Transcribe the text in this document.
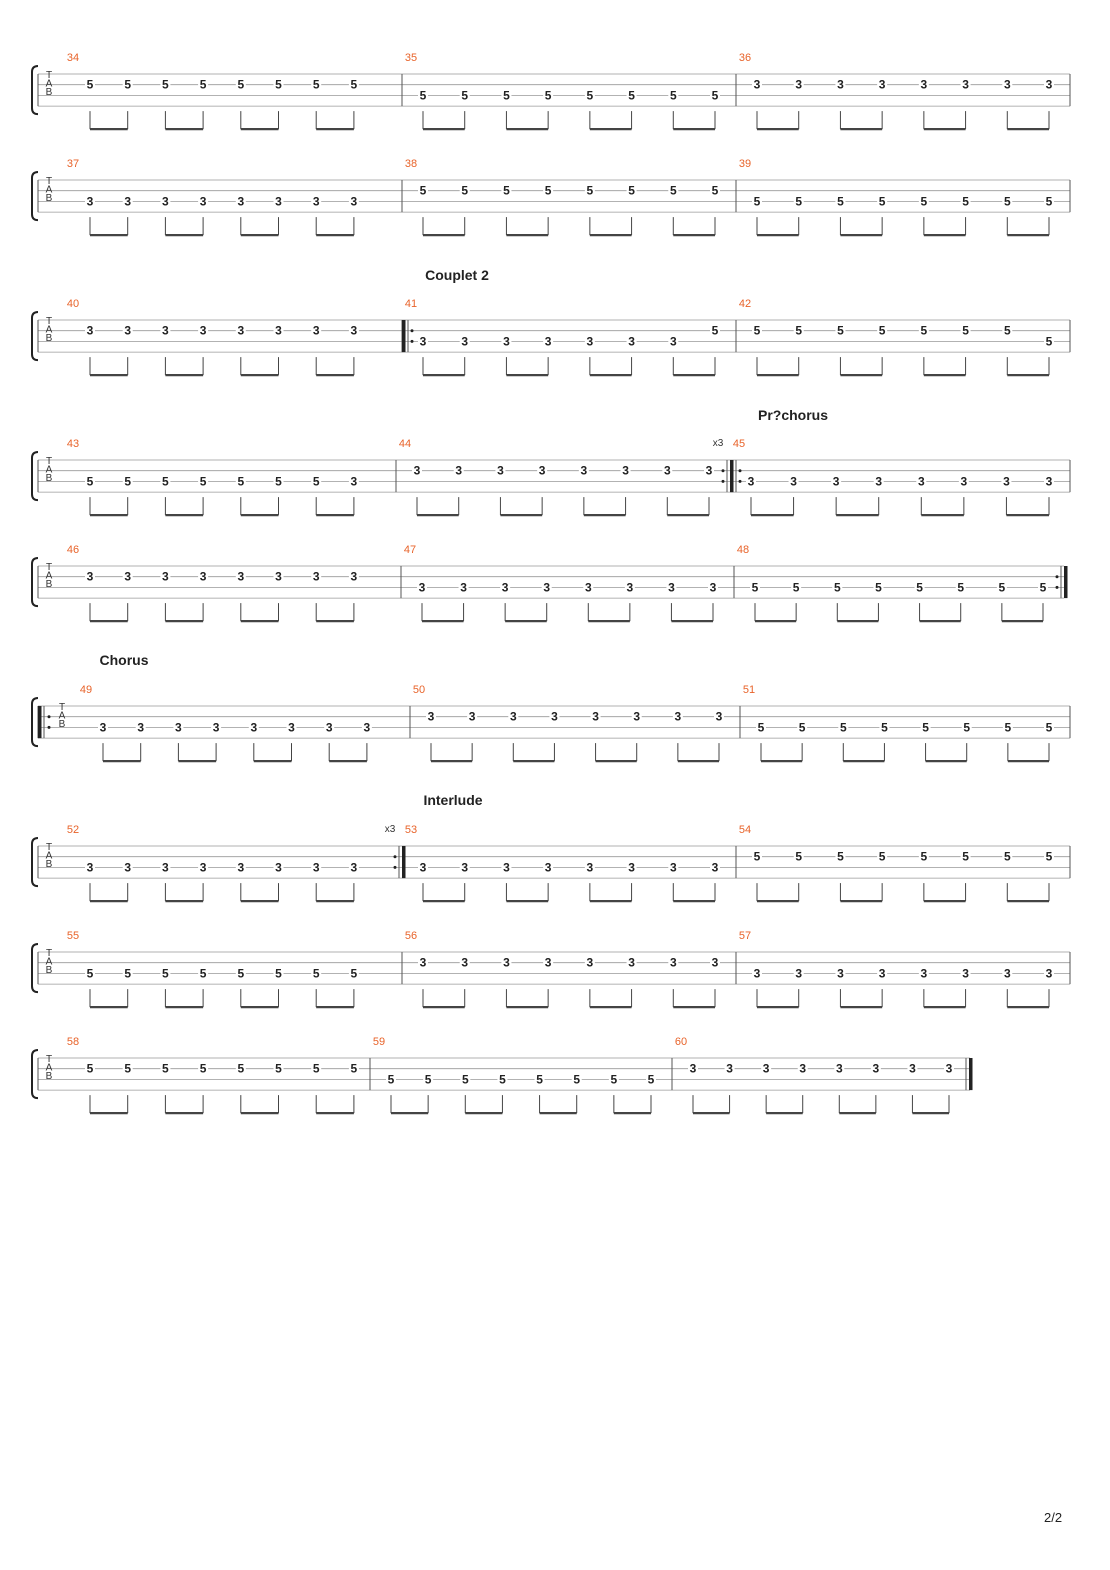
T
A
B
34
5	5	5	5	5	5	5	5
35
5	5	5	5	5	5	5	5
36
3	3	3	3	3	3	3	3
T
A
B
37
3	3	3	3	3	3	3	3
38
5	5	5	5	5	5	5	5
39
5	5	5	5	5	5	5	5
T
A
B
40
3	3	3	3	3	3	3	3
41
3	3	3	3	3	3	3
5
42
5	5	5	5	5	5	5
5
T
A
B
43
5	5	5	5	5	5	5	3
x3
44
3	3	3	3	3	3	3	3
45
3	3	3	3	3	3	3	3
T
A
B
46
3	3	3	3	3	3	3	3
47
3	3	3	3	3	3	3	3
48
5	5	5	5	5	5	5	5
T
A
B
49
3	3	3	3	3	3	3	3
50
3	3	3	3	3	3	3	3
51
5	5	5	5	5	5	5	5
T
A
B
x3
52
3	3	3	3	3	3	3	3
53
3	3	3	3	3	3	3	3
54
5	5	5	5	5	5	5	5
T
A
B
55
5	5	5	5	5	5	5	5
56
3	3	3	3	3	3	3	3
57
3	3	3	3	3	3	3	3
T
A
B
58
5	5	5	5	5	5	5	5
59
5	5	5	5	5	5	5	5
60
3 3 3 3 3 3 3 3
Couplet 2
Pr?chorus
Chorus
Interlude
2/2
